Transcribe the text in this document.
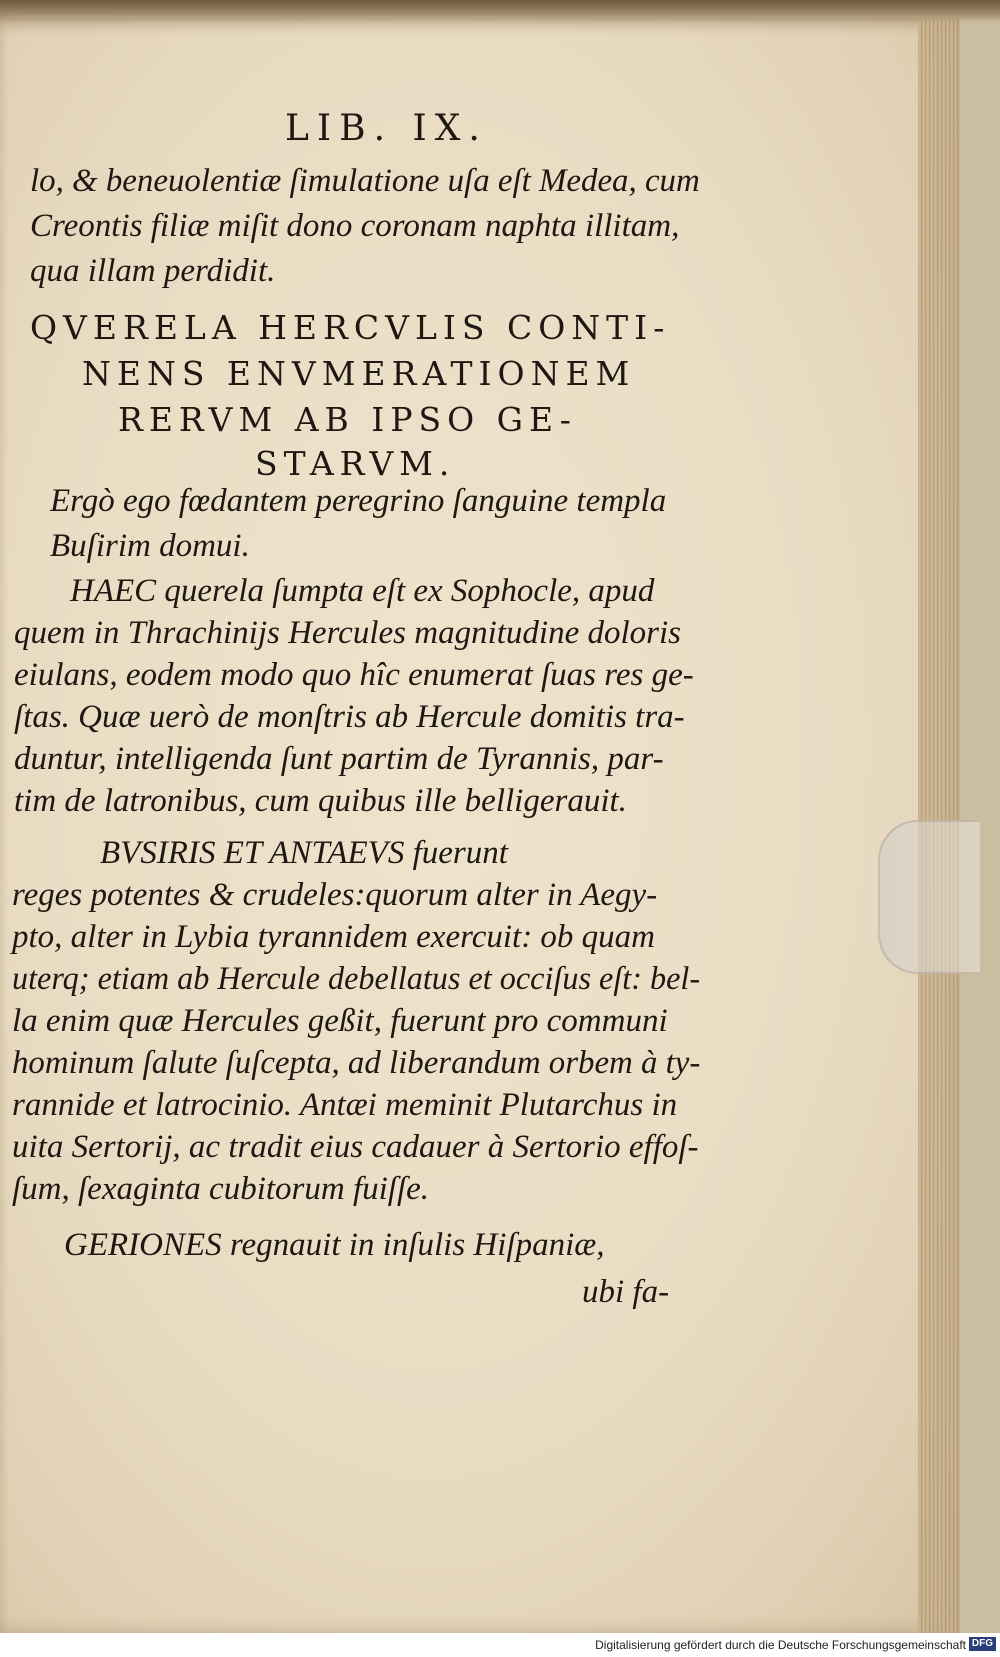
LIB. IX.
lo, & beneuolentiæ ſimulatione uſa eſt Medea, cum
Creontis filiæ miſit dono coronam naphta illitam,
qua illam perdidit.
QVERELA HERCVLIS CONTI-
NENS ENVMERATIONEM
RERVM AB IPSO GE-
STARVM.
Ergò ego fœdantem peregrino ſanguine templa
Buſirim domui.
HAEC querela ſumpta eſt ex Sophocle, apud
quem in Thrachinijs Hercules magnitudine doloris
eiulans, eodem modo quo hîc enumerat ſuas res ge-
ſtas. Quæ uerò de monſtris ab Hercule domitis tra-
duntur, intelligenda ſunt partim de Tyrannis, par-
tim de latronibus, cum quibus ille belligerauit.
BVSIRIS ET ANTAEVS fuerunt
reges potentes & crudeles:quorum alter in Aegy-
pto, alter in Lybia tyrannidem exercuit: ob quam
uterq; etiam ab Hercule debellatus et occiſus eſt: bel-
la enim quæ Hercules geßit, fuerunt pro communi
hominum ſalute ſuſcepta, ad liberandum orbem à ty-
rannide et latrocinio. Antæi meminit Plutarchus in
uita Sertorij, ac tradit eius cadauer à Sertorio effoſ-
ſum, ſexaginta cubitorum fuiſſe.
GERIONES regnauit in inſulis Hiſpaniæ,
ubi fa-
Digitalisierung gefördert durch die Deutsche Forschungsgemeinschaft DFG
